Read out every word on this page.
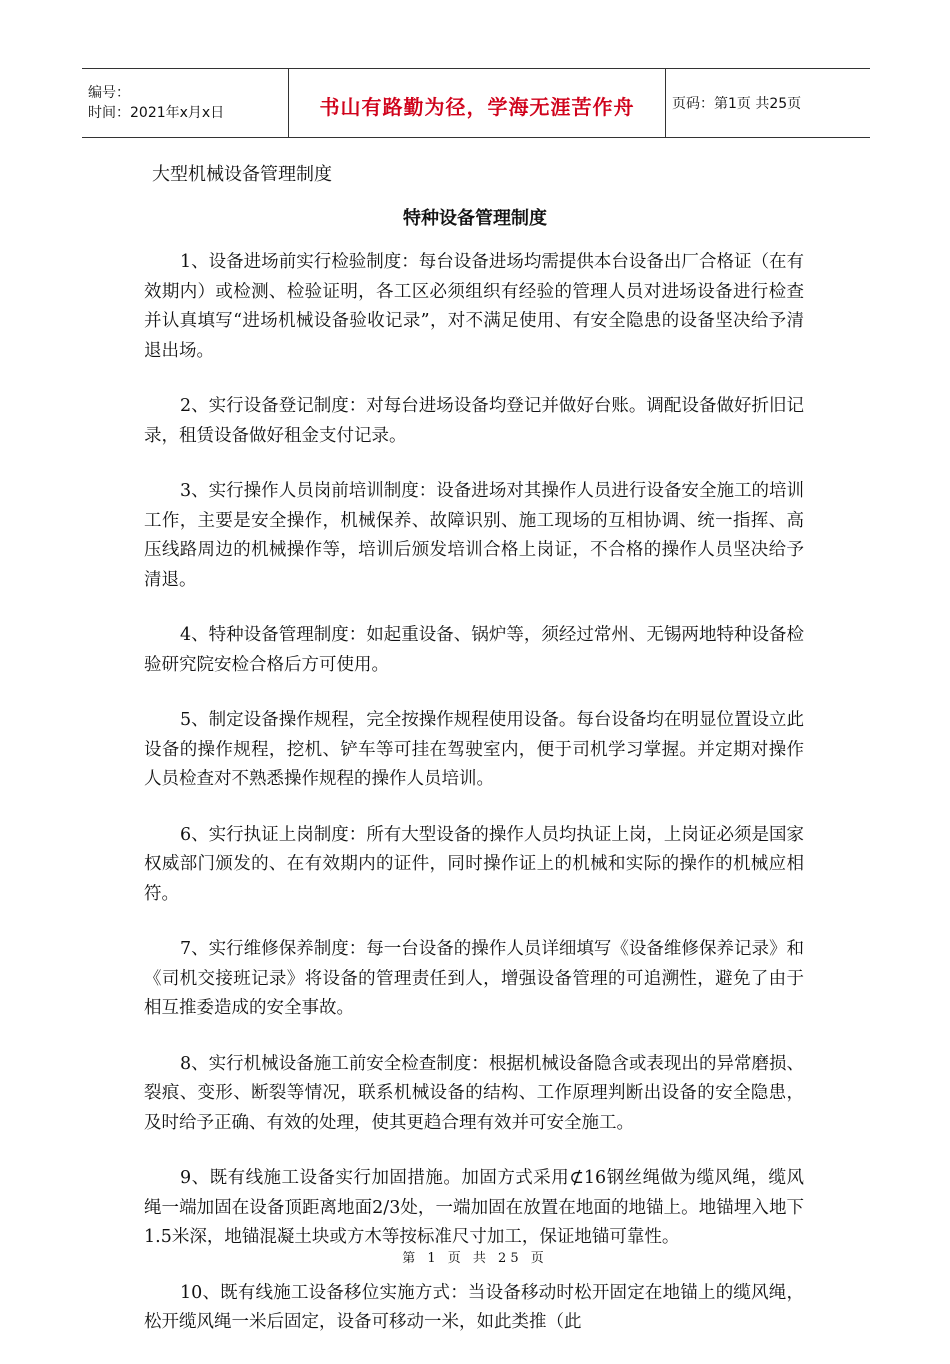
编号：
时间：2021年x月x日	书山有路勤为径，学海无涯苦作舟	页码：第1页 共25页
大型机械设备管理制度
特种设备管理制度

1、设备进场前实行检验制度：每台设备进场均需提供本台设备出厂合格证（在有效期内）或检测、检验证明，各工区必须组织有经验的管理人员对进场设备进行检查并认真填写“进场机械设备验收记录”，对不满足使用、有安全隐患的设备坚决给予清退出场。

2、实行设备登记制度：对每台进场设备均登记并做好台账。调配设备做好折旧记录，租赁设备做好租金支付记录。

3、实行操作人员岗前培训制度：设备进场对其操作人员进行设备安全施工的培训工作，主要是安全操作，机械保养、故障识别、施工现场的互相协调、统一指挥、高压线路周边的机械操作等，培训后颁发培训合格上岗证，不合格的操作人员坚决给予清退。

4、特种设备管理制度：如起重设备、锅炉等，须经过常州、无锡两地特种设备检验研究院安检合格后方可使用。

5、制定设备操作规程，完全按操作规程使用设备。每台设备均在明显位置设立此设备的操作规程，挖机、铲车等可挂在驾驶室内，便于司机学习掌握。并定期对操作人员检查对不熟悉操作规程的操作人员培训。

6、实行执证上岗制度：所有大型设备的操作人员均执证上岗，上岗证必须是国家权威部门颁发的、在有效期内的证件，同时操作证上的机械和实际的操作的机械应相符。

7、实行维修保养制度：每一台设备的操作人员详细填写《设备维修保养记录》和《司机交接班记录》将设备的管理责任到人，增强设备管理的可追溯性，避免了由于相互推委造成的安全事故。

8、实行机械设备施工前安全检查制度：根据机械设备隐含或表现出的异常磨损、裂痕、变形、断裂等情况，联系机械设备的结构、工作原理判断出设备的安全隐患，及时给予正确、有效的处理，使其更趋合理有效并可安全施工。

9、既有线施工设备实行加固措施。加固方式采用⊄16钢丝绳做为缆风绳，缆风绳一端加固在设备顶距离地面2/3处，一端加固在放置在地面的地锚上。地锚埋入地下1.5米深，地锚混凝土块或方木等按标准尺寸加工，保证地锚可靠性。

10、既有线施工设备移位实施方式：当设备移动时松开固定在地锚上的缆风绳，松开缆风绳一米后固定，设备可移动一米，如此类推（此

第 1 页 共 25 页
